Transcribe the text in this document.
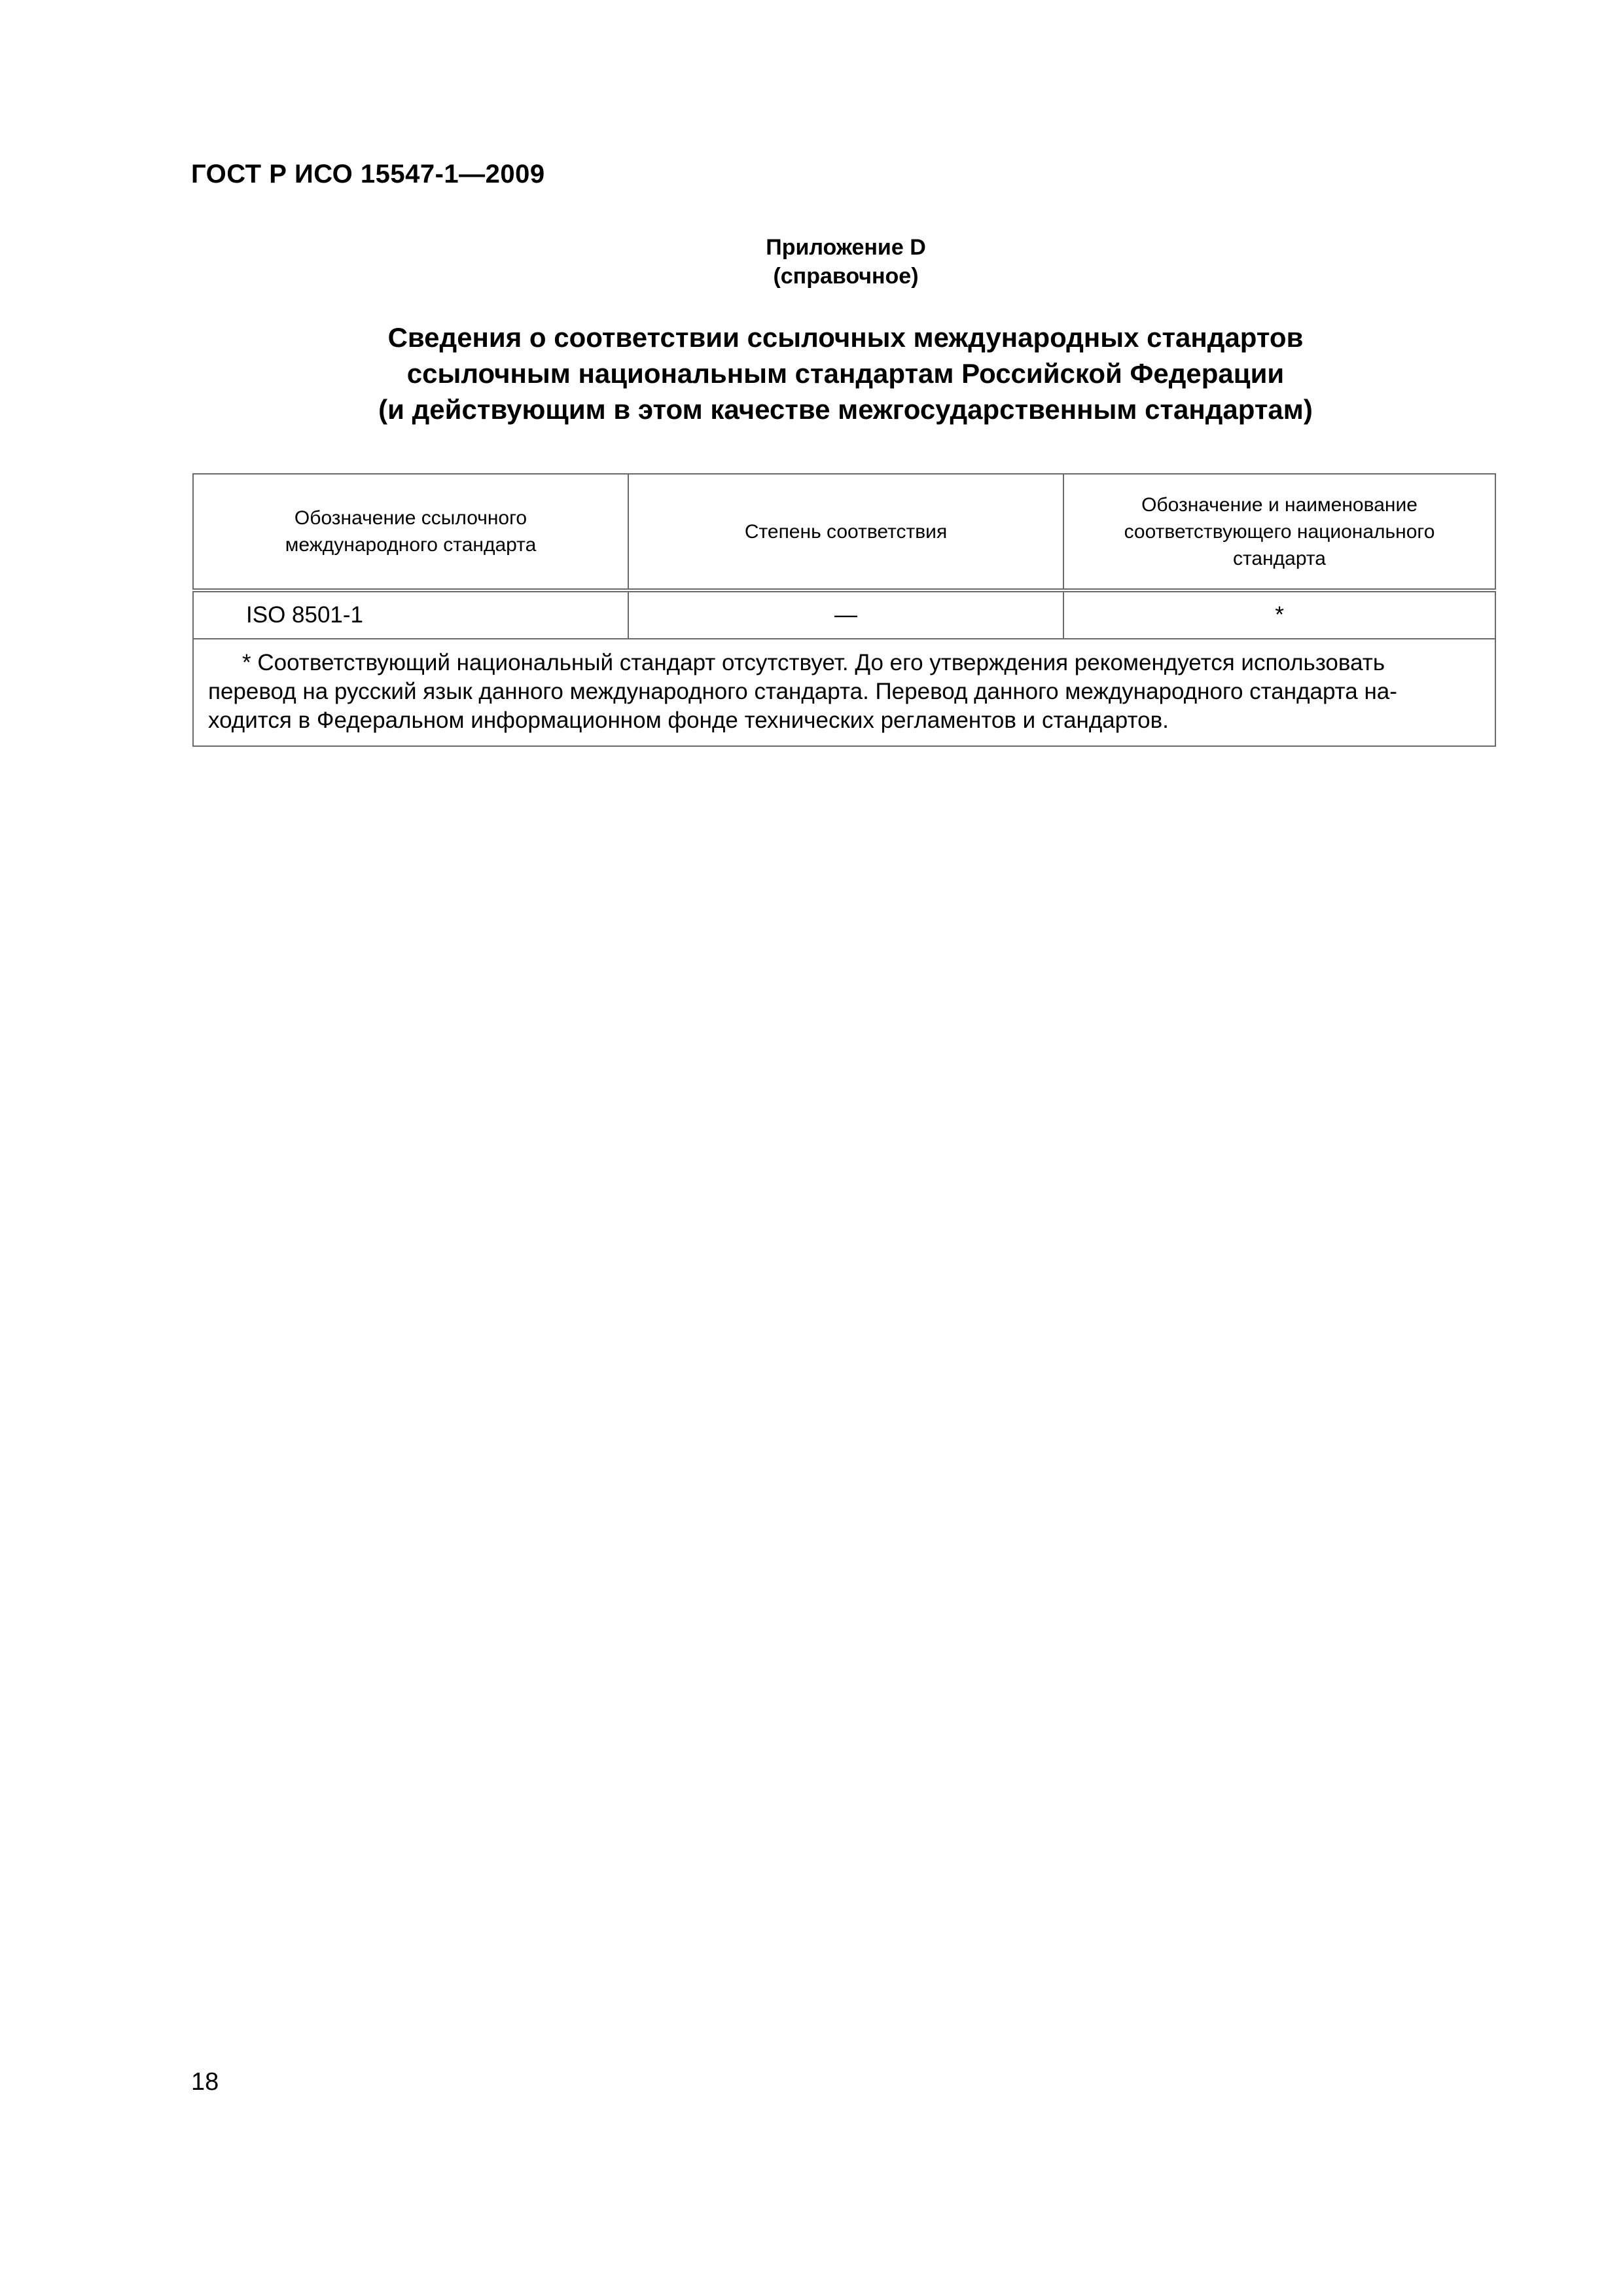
ГОСТ Р ИСО 15547-1—2009
Приложение D
(справочное)
Сведения о соответствии ссылочных международных стандартов
ссылочным национальным стандартам Российской Федерации
(и действующим в этом качестве межгосударственным стандартам)
Обозначение ссылочного международного стандарта	Степень соответствия	Обозначение и наименование соответствующего национального стандарта
ISO 8501-1	—	*

* Соответствующий национальный стандарт отсутствует. До его утверждения рекомендуется использовать
перевод на русский язык данного международного стандарта. Перевод данного международного стандарта на-
ходится в Федеральном информационном фонде технических регламентов и стандартов.		
18
